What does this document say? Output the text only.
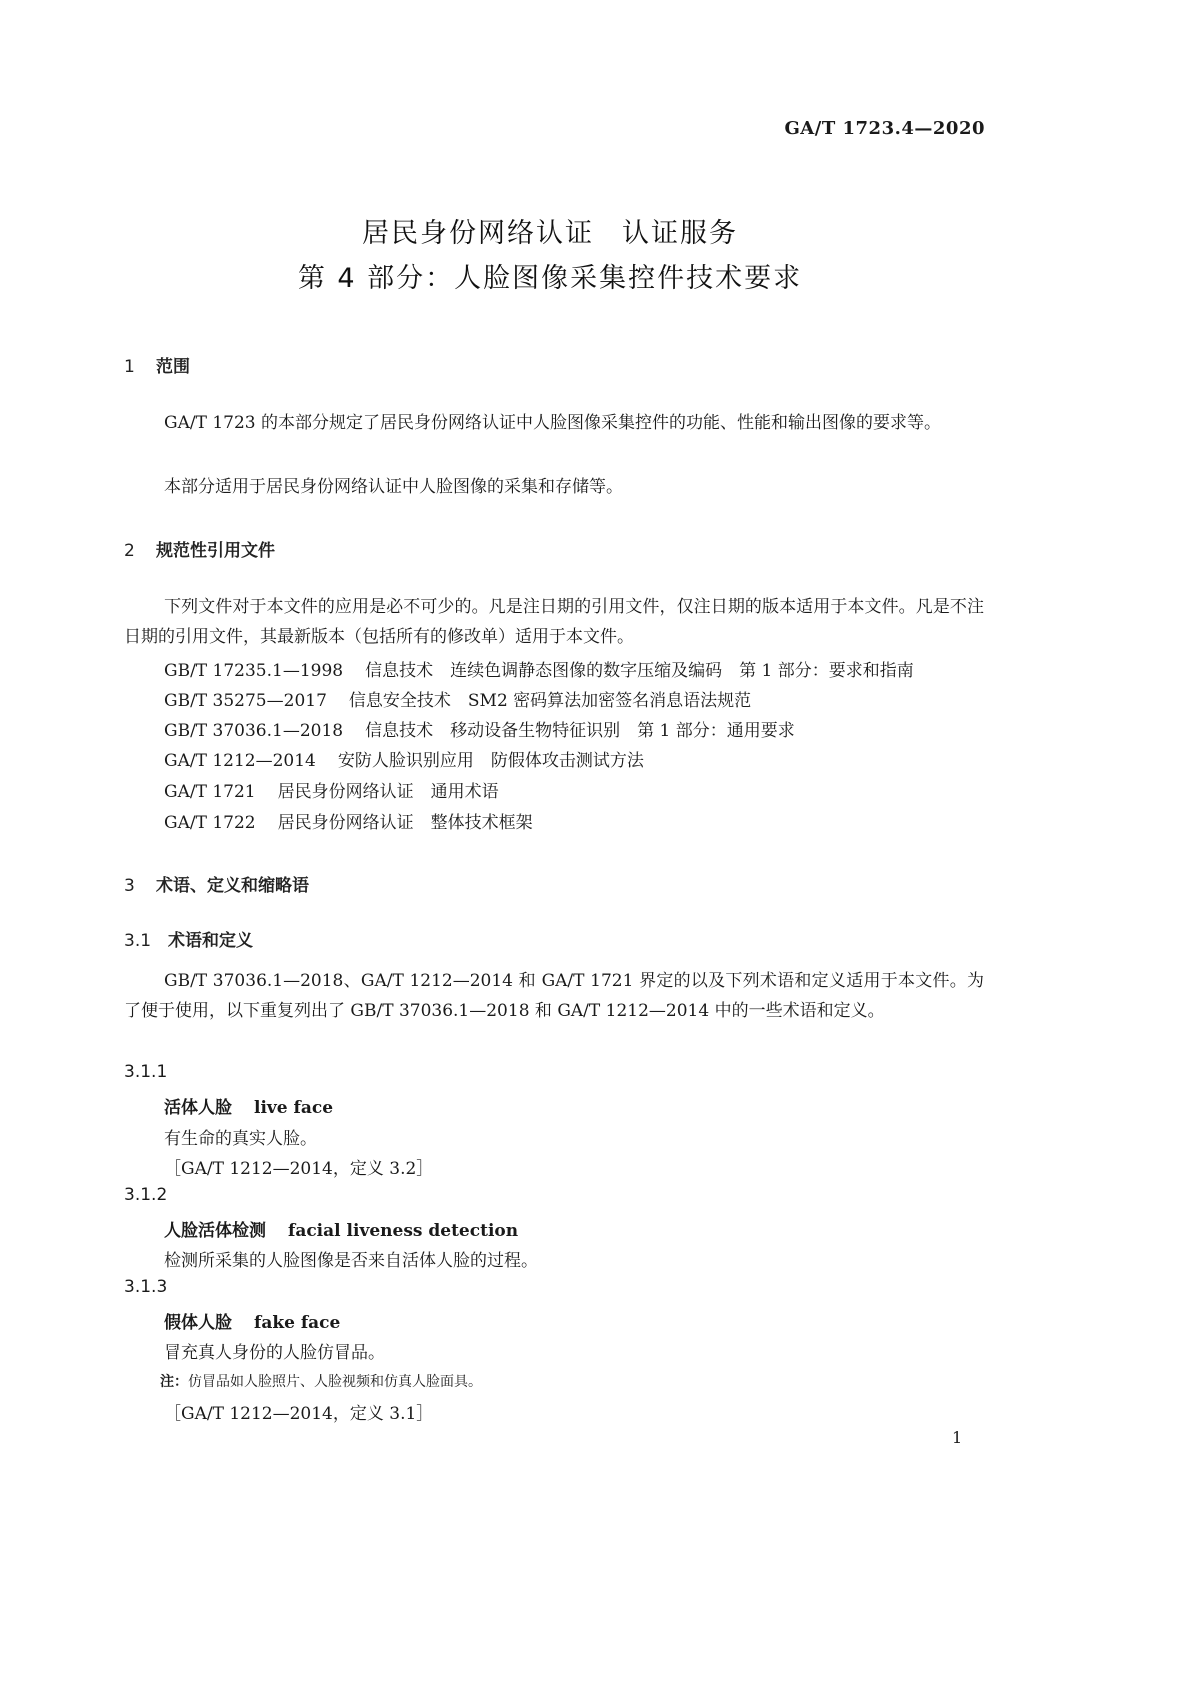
GA/T 1723.4—2020
居民身份网络认证 认证服务
第 4 部分：人脸图像采集控件技术要求
1 范围
GA/T 1723 的本部分规定了居民身份网络认证中人脸图像采集控件的功能、性能和输出图像的要求等。
本部分适用于居民身份网络认证中人脸图像的采集和存储等。
2 规范性引用文件
下列文件对于本文件的应用是必不可少的。凡是注日期的引用文件，仅注日期的版本适用于本文件。凡是不注日期的引用文件，其最新版本（包括所有的修改单）适用于本文件。
GB/T 17235.1—1998 信息技术　连续色调静态图像的数字压缩及编码　第 1 部分：要求和指南
GB/T 35275—2017 信息安全技术　SM2 密码算法加密签名消息语法规范
GB/T 37036.1—2018 信息技术　移动设备生物特征识别　第 1 部分：通用要求
GA/T 1212—2014 安防人脸识别应用　防假体攻击测试方法
GA/T 1721 居民身份网络认证　通用术语
GA/T 1722 居民身份网络认证　整体技术框架
3 术语、定义和缩略语
3.1 术语和定义
GB/T 37036.1—2018、GA/T 1212—2014 和 GA/T 1721 界定的以及下列术语和定义适用于本文件。为了便于使用，以下重复列出了 GB/T 37036.1—2018 和 GA/T 1212—2014 中的一些术语和定义。
3.1.1
活体人脸 live face
有生命的真实人脸。
［GA/T 1212—2014，定义 3.2］
3.1.2
人脸活体检测 facial liveness detection
检测所采集的人脸图像是否来自活体人脸的过程。
3.1.3
假体人脸 fake face
冒充真人身份的人脸仿冒品。
注：仿冒品如人脸照片、人脸视频和仿真人脸面具。
［GA/T 1212—2014，定义 3.1］
1
